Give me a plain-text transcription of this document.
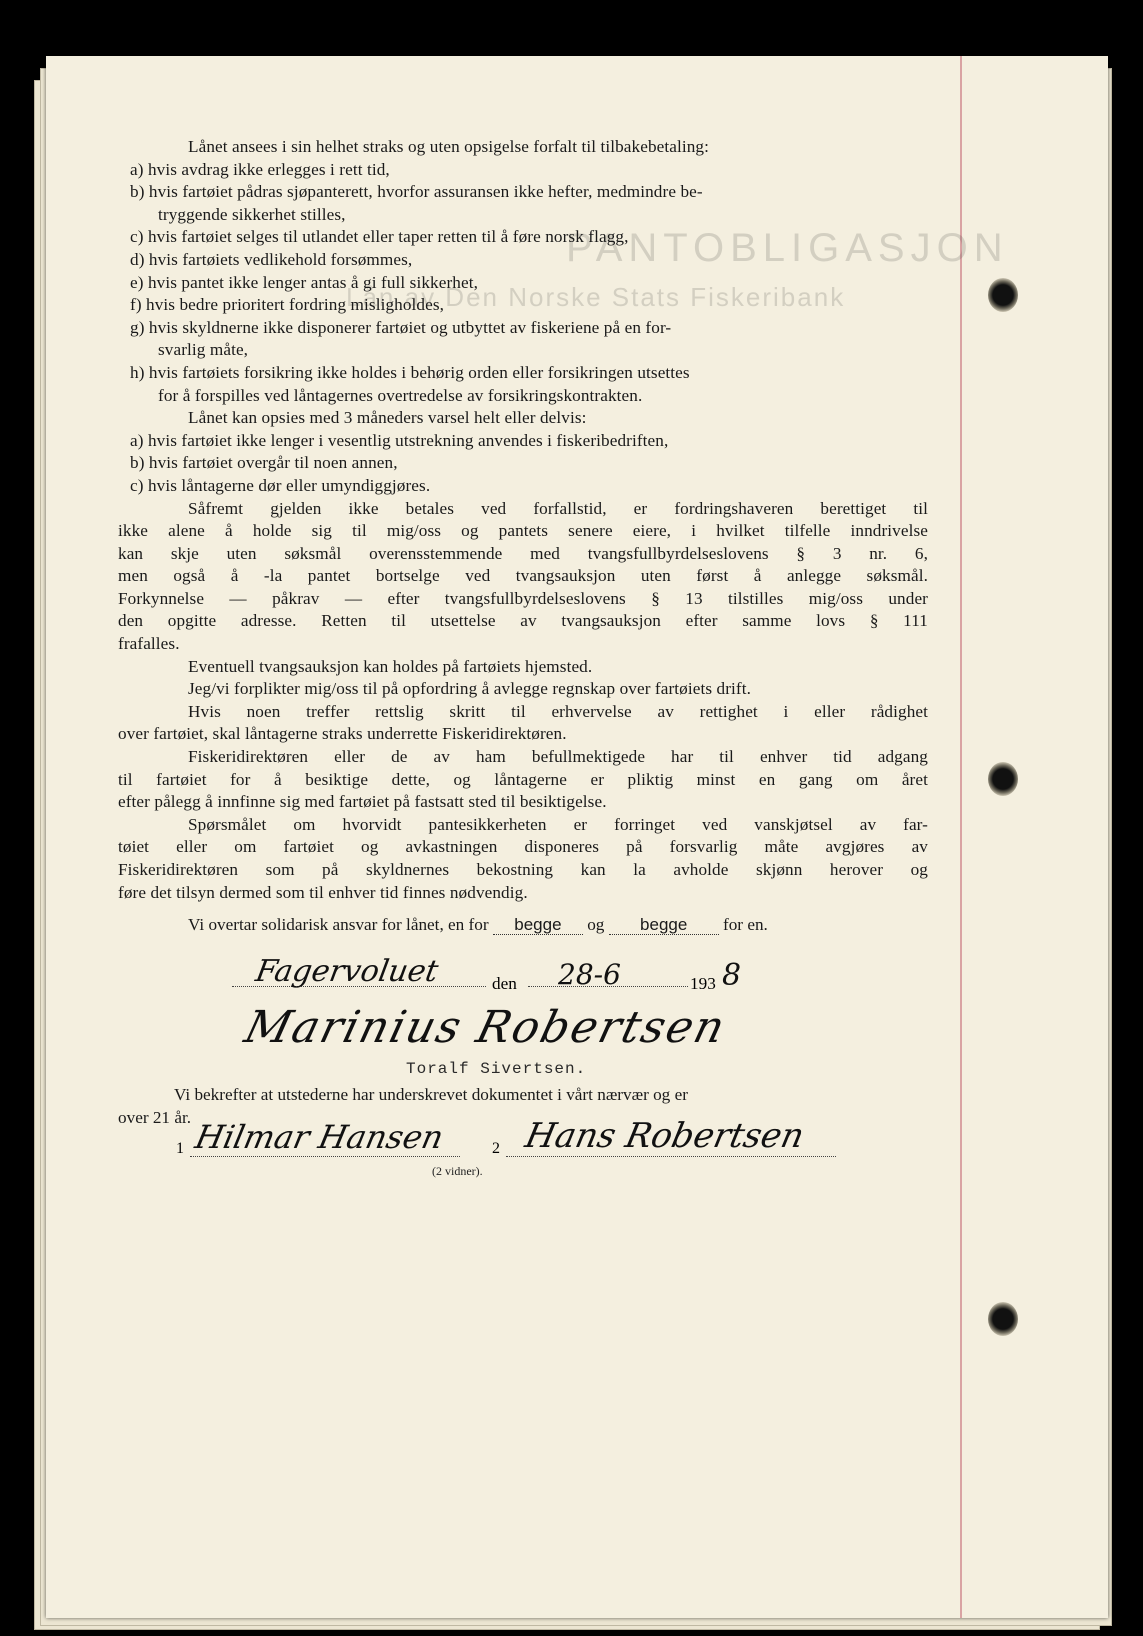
PANTOBLIGASJON
Lån av Den Norske Stats Fiskeribank
Lånet ansees i sin helhet straks og uten opsigelse forfalt til tilbakebetaling:
a) hvis avdrag ikke erlegges i rett tid,
b) hvis fartøiet pådras sjøpanterett, hvorfor assuransen ikke hefter, medmindre be-
tryggende sikkerhet stilles,
c) hvis fartøiet selges til utlandet eller taper retten til å føre norsk flagg,
d) hvis fartøiets vedlikehold forsømmes,
e) hvis pantet ikke lenger antas å gi full sikkerhet,
f) hvis bedre prioritert fordring misligholdes,
g) hvis skyldnerne ikke disponerer fartøiet og utbyttet av fiskeriene på en for-
svarlig måte,
h) hvis fartøiets forsikring ikke holdes i behørig orden eller forsikringen utsettes
for å forspilles ved låntagernes overtredelse av forsikringskontrakten.
Lånet kan opsies med 3 måneders varsel helt eller delvis:
a) hvis fartøiet ikke lenger i vesentlig utstrekning anvendes i fiskeribedriften,
b) hvis fartøiet overgår til noen annen,
c) hvis låntagerne dør eller umyndiggjøres.
Såfremt gjelden ikke betales ved forfallstid, er fordringshaveren berettiget til
ikke alene å holde sig til mig/oss og pantets senere eiere, i hvilket tilfelle inndrivelse
kan skje uten søksmål overensstemmende med tvangsfullbyrdelseslovens § 3 nr. 6,
men også å -la pantet bortselge ved tvangsauksjon uten først å anlegge søksmål.
Forkynnelse — påkrav — efter tvangsfullbyrdelseslovens § 13 tilstilles mig/oss under
den opgitte adresse. Retten til utsettelse av tvangsauksjon efter samme lovs § 111
frafalles.
Eventuell tvangsauksjon kan holdes på fartøiets hjemsted.
Jeg/vi forplikter mig/oss til på opfordring å avlegge regnskap over fartøiets drift.
Hvis noen treffer rettslig skritt til erhvervelse av rettighet i eller rådighet
over fartøiet, skal låntagerne straks underrette Fiskeridirektøren.
Fiskeridirektøren eller de av ham befullmektigede har til enhver tid adgang
til fartøiet for å besiktige dette, og låntagerne er pliktig minst en gang om året
efter pålegg å innfinne sig med fartøiet på fastsatt sted til besiktigelse.
Spørsmålet om hvorvidt pantesikkerheten er forringet ved vanskjøtsel av far-
tøiet eller om fartøiet og avkastningen disponeres på forsvarlig måte avgjøres av
Fiskeridirektøren som på skyldnernes bekostning kan la avholde skjønn herover og
føre det tilsyn dermed som til enhver tid finnes nødvendig.
Vi overtar solidarisk ansvar for lånet, en for begge og begge for en.
Fagervoluet	den 28-6	193 8
Marinius Robertsen
Toralf Sivertsen.
Vi bekrefter at utstederne har underskrevet dokumentet i vårt nærvær og er
over 21 år.
1 Hilmar Hansen	2 Hans Robertsen
(2 vidner).
